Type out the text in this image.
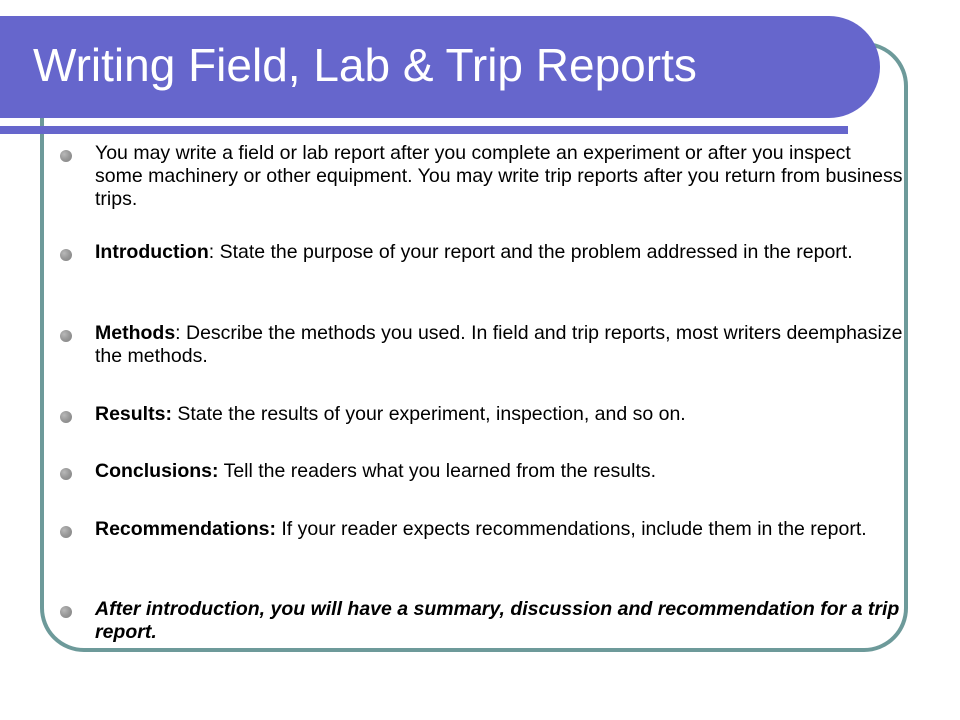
Writing Field, Lab & Trip Reports
You may write a field or lab report after you complete an experiment or after you inspect some machinery or other equipment. You may write trip reports after you return from business trips.
Introduction: State the purpose of your report and the problem addressed in the report.
Methods: Describe the methods you used. In field and trip reports, most writers deemphasize the methods.
Results: State the results of your experiment, inspection, and so on.
Conclusions: Tell the readers what you learned from the results.
Recommendations: If your reader expects recommendations, include them in the report.
After introduction, you will have a summary, discussion and recommendation for a trip report.
